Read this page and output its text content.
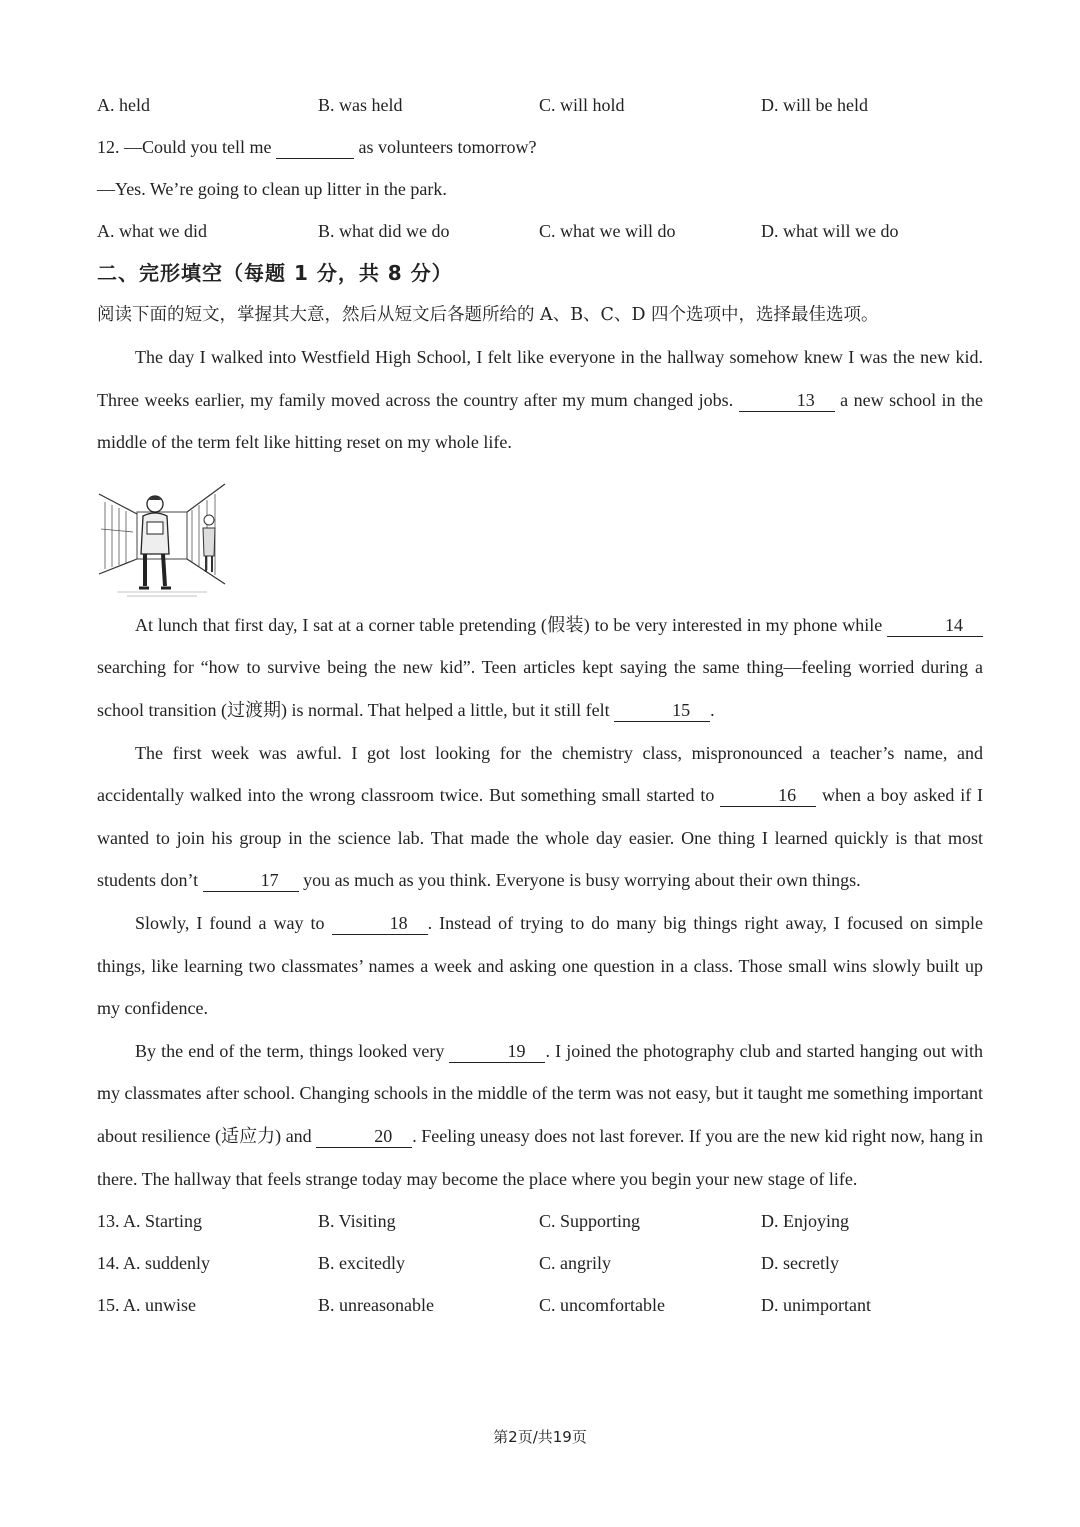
A. held	B. was held	C. will hold	D. will be held
12. —Could you tell me	as volunteers tomorrow?
—Yes. We’re going to clean up litter in the park.
A. what we did	B. what did we do	C. what we will do	D. what will we do
二、完形填空（每题 1 分，共 8 分）
阅读下面的短文，掌握其大意，然后从短文后各题所给的 A、B、C、D 四个选项中，选择最佳选项。
The day I walked into Westfield High School, I felt like everyone in the hallway somehow knew I was the new kid. Three weeks earlier, my family moved across the country after my mum changed jobs.	13 a new school in the middle of the term felt like hitting reset on my whole life.
At lunch that first day, I sat at a corner table pretending (假装) to be very interested in my phone while	14 searching for “how to survive being the new kid”. Teen articles kept saying the same thing—feeling worried during a school transition (过渡期) is normal. That helped a little, but it still felt	15 .
The first week was awful. I got lost looking for the chemistry class, mispronounced a teacher’s name, and accidentally walked into the wrong classroom twice. But something small started to	16 when a boy asked if I wanted to join his group in the science lab. That made the whole day easier. One thing I learned quickly is that most students don’t	17 you as much as you think. Everyone is busy worrying about their own things.
Slowly, I found a way to	18 . Instead of trying to do many big things right away, I focused on simple things, like learning two classmates’ names a week and asking one question in a class. Those small wins slowly built up my confidence.
By the end of the term, things looked very	19 . I joined the photography club and started hanging out with my classmates after school. Changing schools in the middle of the term was not easy, but it taught me something important about resilience (适应力) and	20 . Feeling uneasy does not last forever. If you are the new kid right now, hang in there. The hallway that feels strange today may become the place where you begin your new stage of life.
13. A. Starting	B. Visiting	C. Supporting	D. Enjoying
14. A. suddenly	B. excitedly	C. angrily	D. secretly
15. A. unwise	B. unreasonable	C. uncomfortable	D. unimportant
第2页/共19页
